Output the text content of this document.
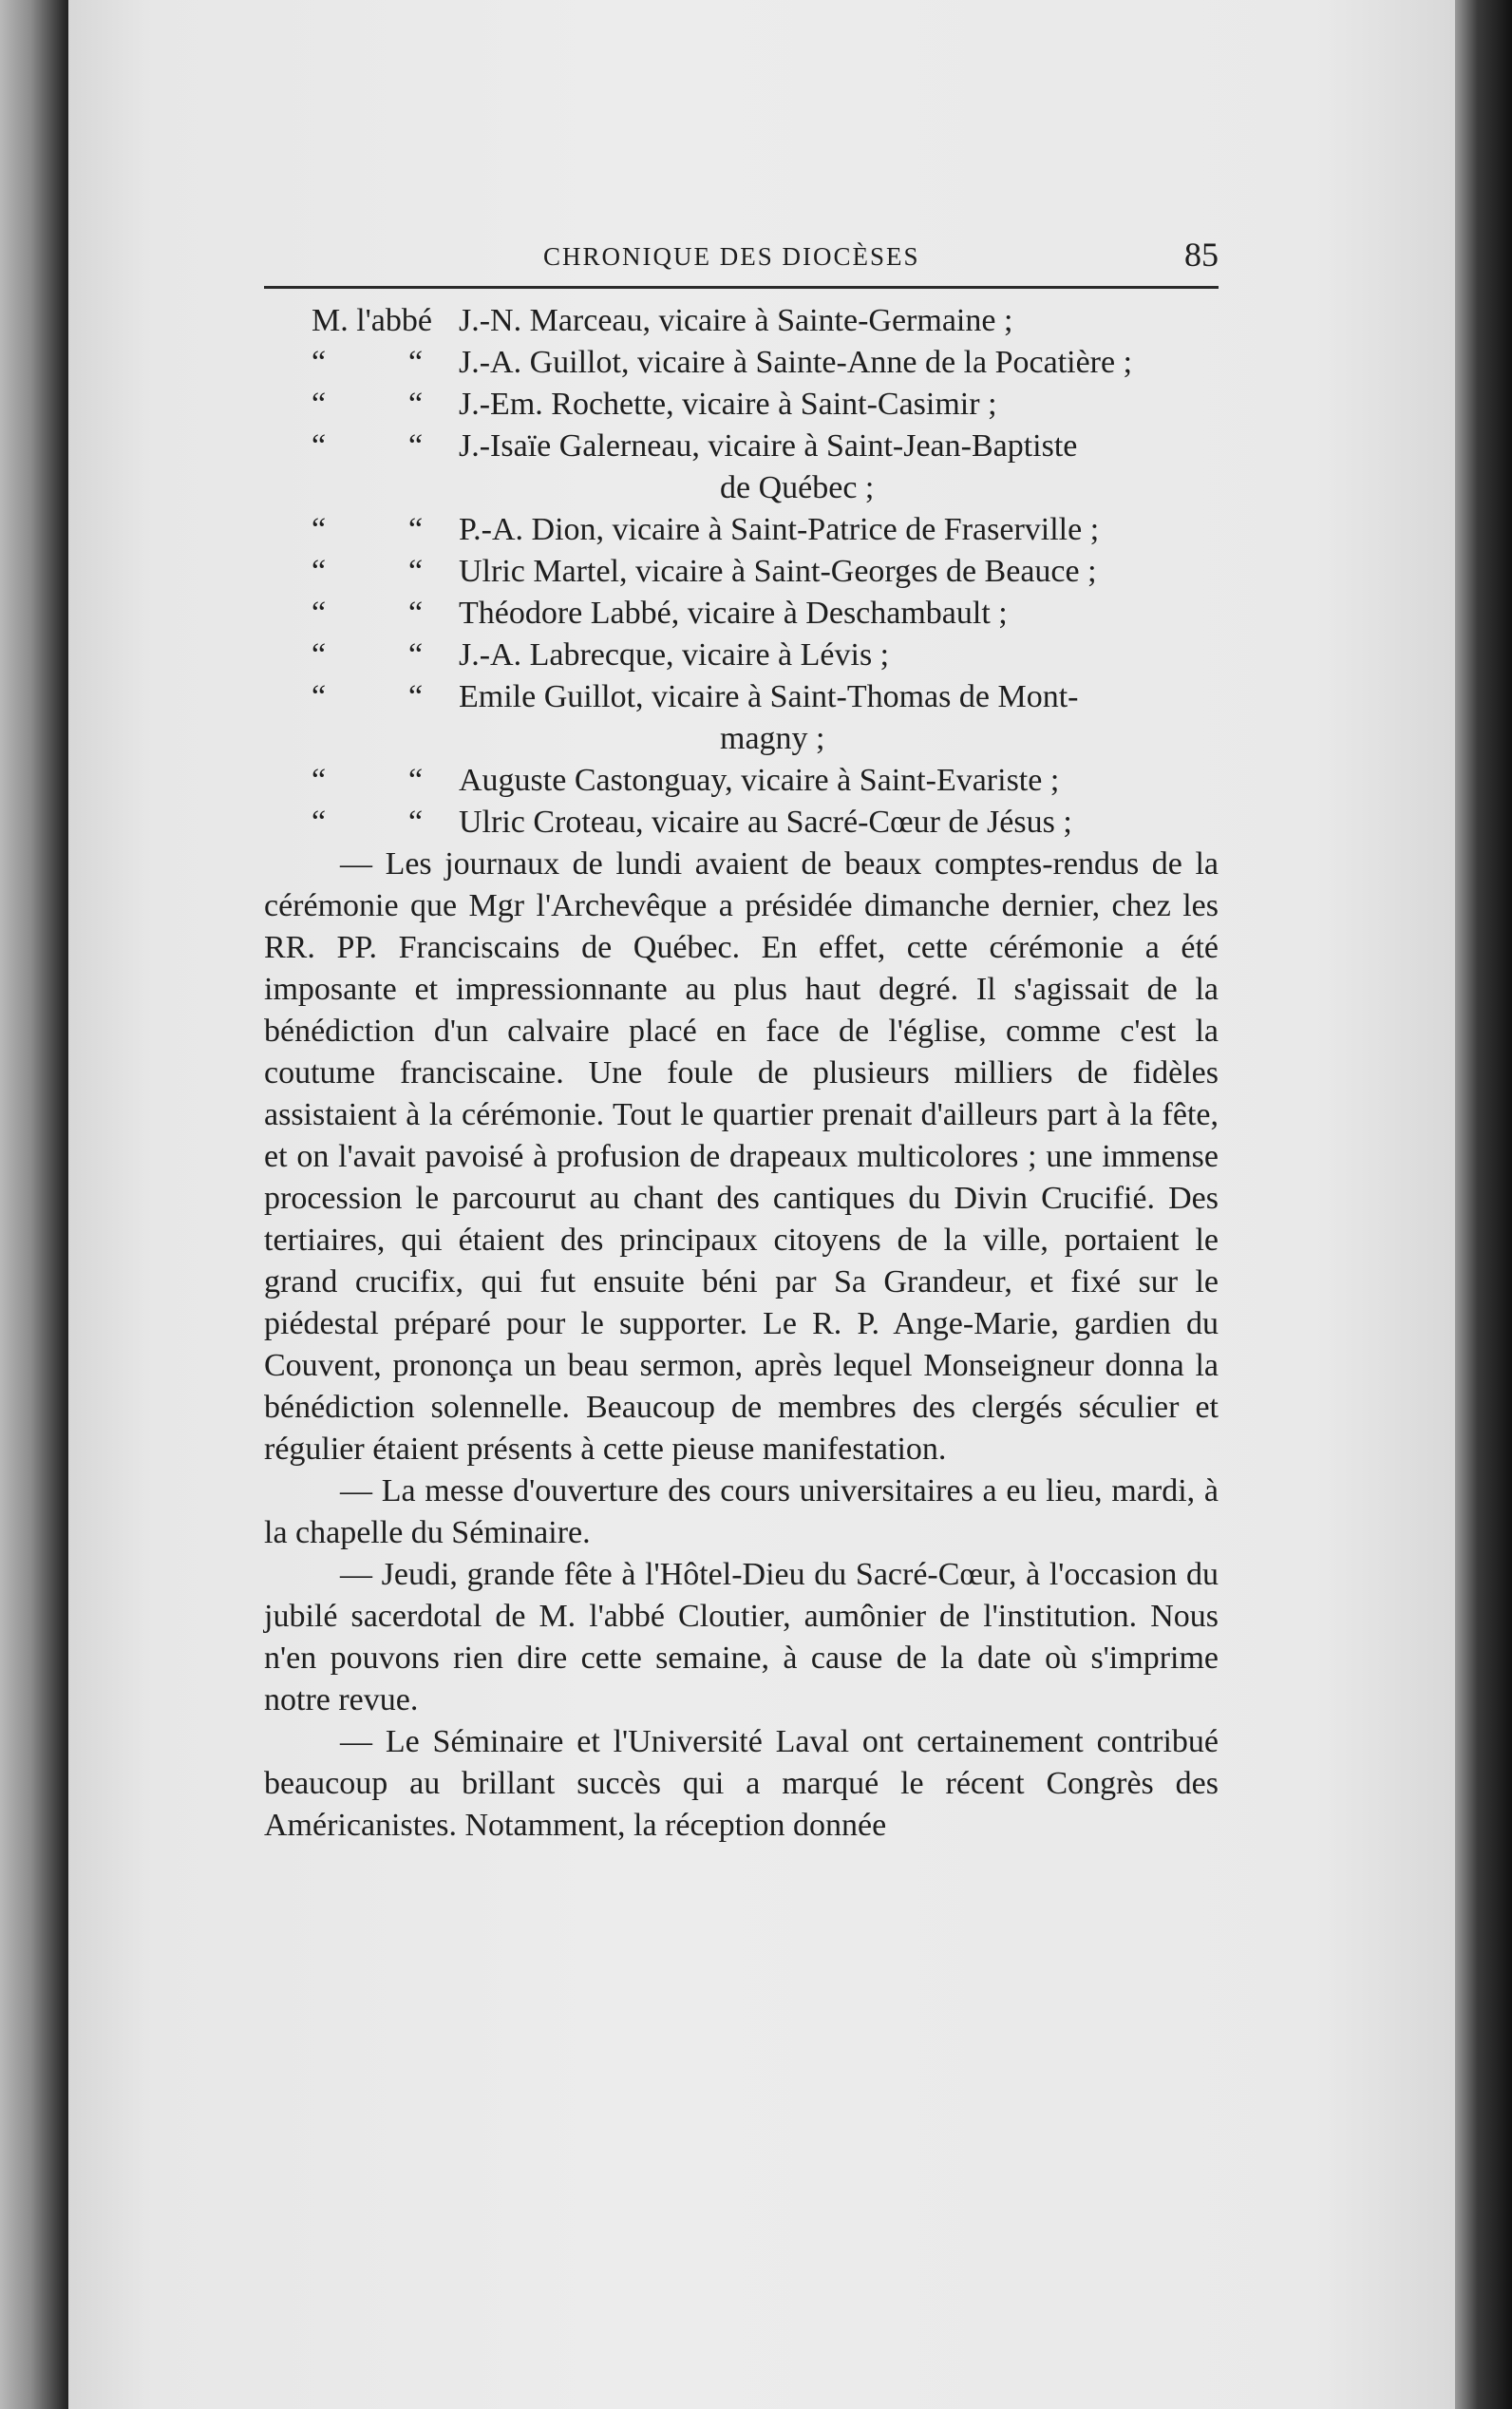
CHRONIQUE DES DIOCÈSES	85
M. l'abbé J.-N. Marceau, vicaire à Sainte-Germaine ;
“	“ J.-A. Guillot, vicaire à Sainte-Anne de la Pocatière ;
“	“ J.-Em. Rochette, vicaire à Saint-Casimir ;
“	“ J.-Isaïe Galerneau, vicaire à Saint-Jean-Baptiste
de Québec ;
“	“ P.-A. Dion, vicaire à Saint-Patrice de Fraserville ;
“	“ Ulric Martel, vicaire à Saint-Georges de Beauce ;
“	“ Théodore Labbé, vicaire à Deschambault ;
“	“ J.-A. Labrecque, vicaire à Lévis ;
“	“ Emile Guillot, vicaire à Saint-Thomas de Mont-
magny ;
“	“ Auguste Castonguay, vicaire à Saint-Evariste ;
“	“ Ulric Croteau, vicaire au Sacré-Cœur de Jésus ;

— Les journaux de lundi avaient de beaux comptes-rendus de la cérémonie que Mgr l'Archevêque a présidée dimanche dernier, chez les RR. PP. Franciscains de Québec. En effet, cette cérémonie a été imposante et impressionnante au plus haut degré. Il s'agissait de la bénédiction d'un calvaire placé en face de l'église, comme c'est la coutume franciscaine. Une foule de plusieurs milliers de fidèles assistaient à la cérémonie. Tout le quartier prenait d'ailleurs part à la fête, et on l'avait pavoisé à profusion de drapeaux multicolores ; une immense procession le parcourut au chant des cantiques du Divin Crucifié. Des tertiaires, qui étaient des principaux citoyens de la ville, portaient le grand crucifix, qui fut ensuite béni par Sa Grandeur, et fixé sur le piédestal préparé pour le supporter. Le R. P. Ange-Marie, gardien du Couvent, prononça un beau sermon, après lequel Monseigneur donna la bénédiction solennelle. Beaucoup de membres des clergés séculier et régulier étaient présents à cette pieuse manifestation.

— La messe d'ouverture des cours universitaires a eu lieu, mardi, à la chapelle du Séminaire.

— Jeudi, grande fête à l'Hôtel-Dieu du Sacré-Cœur, à l'occasion du jubilé sacerdotal de M. l'abbé Cloutier, aumônier de l'institution. Nous n'en pouvons rien dire cette semaine, à cause de la date où s'imprime notre revue.

— Le Séminaire et l'Université Laval ont certainement contribué beaucoup au brillant succès qui a marqué le récent Congrès des Américanistes. Notamment, la réception donnée
